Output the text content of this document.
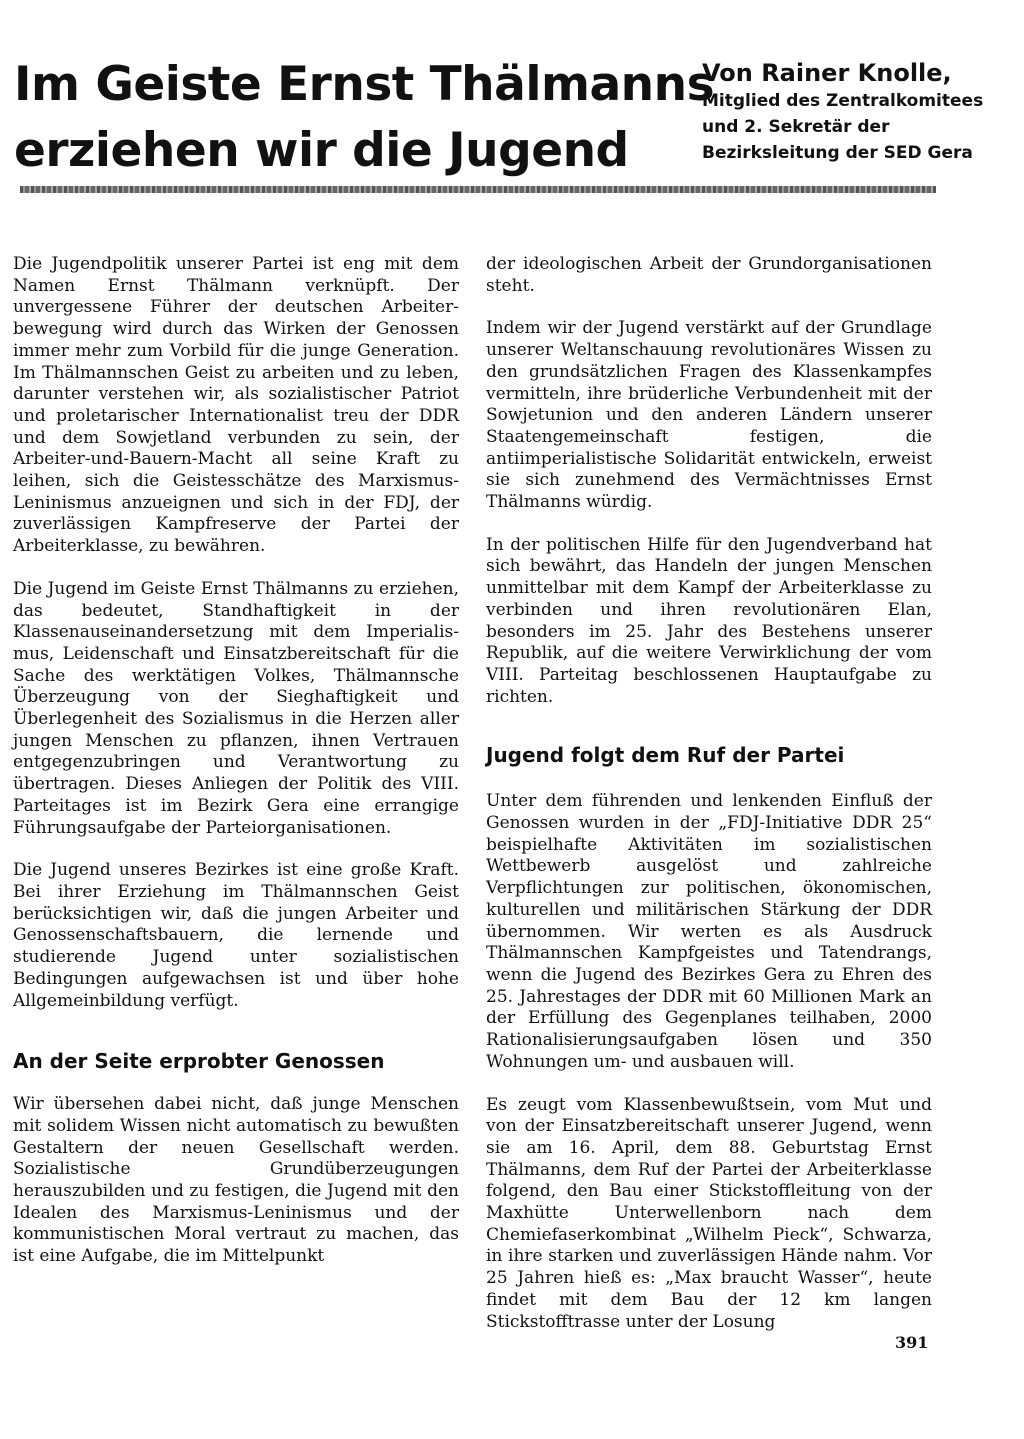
Im Geiste Ernst Thälmanns
erziehen wir die Jugend
Von Rainer Knolle,
Mitglied des Zentralkomitees
und 2. Sekretär der
Bezirksleitung der SED Gera

Die Jugendpolitik unserer Partei ist eng mit dem Namen Ernst Thälmann verknüpft. Der unvergessene Führer der deutschen Arbeiterbewegung wird durch das Wirken der Genossen immer mehr zum Vorbild für die junge Generation. Im Thälmannschen Geist zu arbeiten und zu leben, darunter verstehen wir, als sozialistischer Patriot und proletarischer Internationalist treu der DDR und dem Sowjetland verbunden zu sein, der Arbeiter-und-Bauern-Macht all seine Kraft zu leihen, sich die Geistesschätze des Marxismus-Leninismus anzueignen und sich in der FDJ, der zuverlässigen Kampfreserve der Partei der Arbeiterklasse, zu bewähren.

Die Jugend im Geiste Ernst Thälmanns zu erziehen, das bedeutet, Standhaftigkeit in der Klassenauseinandersetzung mit dem Imperialismus, Leidenschaft und Einsatzbereitschaft für die Sache des werktätigen Volkes, Thälmannsche Überzeugung von der Sieghaftigkeit und Überlegenheit des Sozialismus in die Herzen aller jungen Menschen zu pflanzen, ihnen Vertrauen entgegenzubringen und Verantwortung zu übertragen. Dieses Anliegen der Politik des VIII. Parteitages ist im Bezirk Gera eine errangige Führungsaufgabe der Parteiorganisationen.

Die Jugend unseres Bezirkes ist eine große Kraft. Bei ihrer Erziehung im Thälmannschen Geist berücksichtigen wir, daß die jungen Arbeiter und Genossenschaftsbauern, die lernende und studierende Jugend unter sozialistischen Bedingungen aufgewachsen ist und über hohe Allgemeinbildung verfügt.

An der Seite erprobter Genossen

Wir übersehen dabei nicht, daß junge Menschen mit solidem Wissen nicht automatisch zu bewußten Gestaltern der neuen Gesellschaft werden. Sozialistische Grundüberzeugungen herauszubilden und zu festigen, die Jugend mit den Idealen des Marxismus-Leninismus und der kommunistischen Moral vertraut zu machen, das ist eine Aufgabe, die im Mittelpunkt

der ideologischen Arbeit der Grundorganisationen steht.

Indem wir der Jugend verstärkt auf der Grundlage unserer Weltanschauung revolutionäres Wissen zu den grundsätzlichen Fragen des Klassenkampfes vermitteln, ihre brüderliche Verbundenheit mit der Sowjetunion und den anderen Ländern unserer Staatengemeinschaft festigen, die antiimperialistische Solidarität entwickeln, erweist sie sich zunehmend des Vermächtnisses Ernst Thälmanns würdig.

In der politischen Hilfe für den Jugendverband hat sich bewährt, das Handeln der jungen Menschen unmittelbar mit dem Kampf der Arbeiterklasse zu verbinden und ihren revolutionären Elan, besonders im 25. Jahr des Bestehens unserer Republik, auf die weitere Verwirklichung der vom VIII. Parteitag beschlossenen Hauptaufgabe zu richten.

Jugend folgt dem Ruf der Partei

Unter dem führenden und lenkenden Einfluß der Genossen wurden in der „FDJ-Initiative DDR 25“ beispielhafte Aktivitäten im sozialistischen Wettbewerb ausgelöst und zahlreiche Verpflichtungen zur politischen, ökonomischen, kulturellen und militärischen Stärkung der DDR übernommen. Wir werten es als Ausdruck Thälmannschen Kampfgeistes und Tatendrangs, wenn die Jugend des Bezirkes Gera zu Ehren des 25. Jahrestages der DDR mit 60 Millionen Mark an der Erfüllung des Gegenplanes teilhaben, 2000 Rationalisierungsaufgaben lösen und 350 Wohnungen um- und ausbauen will.

Es zeugt vom Klassenbewußtsein, vom Mut und von der Einsatzbereitschaft unserer Jugend, wenn sie am 16. April, dem 88. Geburtstag Ernst Thälmanns, dem Ruf der Partei der Arbeiterklasse folgend, den Bau einer Stickstoffleitung von der Maxhütte Unterwellenborn nach dem Chemiefaserkombinat „Wilhelm Pieck“, Schwarza, in ihre starken und zuverlässigen Hände nahm. Vor 25 Jahren hieß es: „Max braucht Wasser“, heute findet mit dem Bau der 12 km langen Stickstofftrasse unter der Losung

391
